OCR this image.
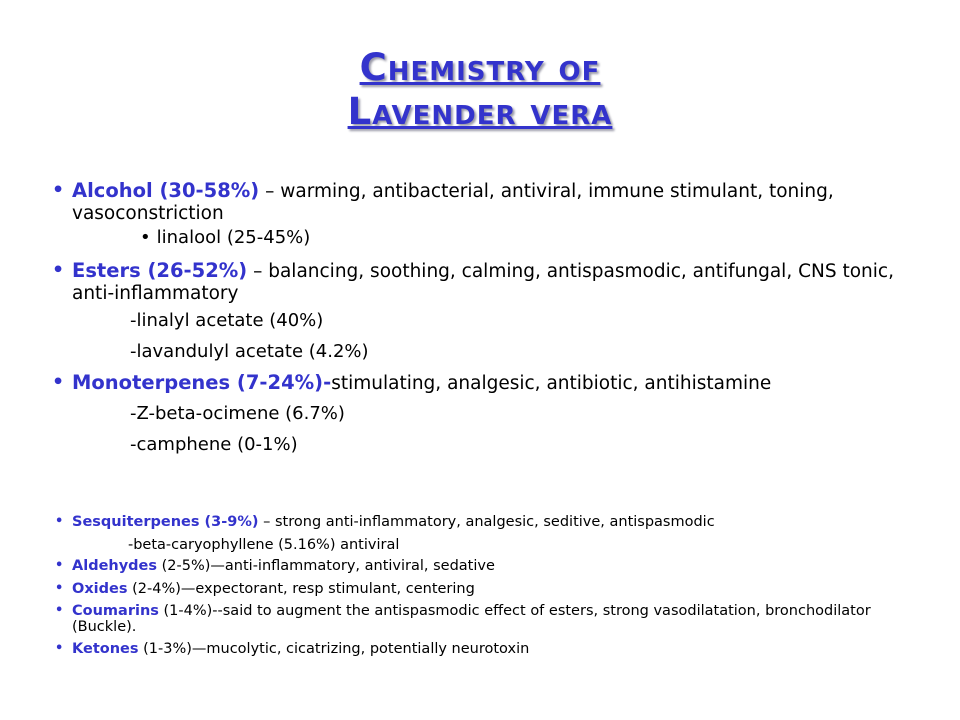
Chemistry of
Lavender vera
• Alcohol (30-58%) – warming, antibacterial, antiviral, immune stimulant, toning, vasoconstriction
• linalool (25-45%)
• Esters (26-52%) – balancing, soothing, calming, antispasmodic, antifungal, CNS tonic, anti-inflammatory
-linalyl acetate (40%)
-lavandulyl acetate (4.2%)
• Monoterpenes (7-24%)-stimulating, analgesic, antibiotic, antihistamine
-Z-beta-ocimene (6.7%)
-camphene (0-1%)
• Sesquiterpenes (3-9%) – strong anti-inflammatory, analgesic, seditive, antispasmodic
-beta-caryophyllene (5.16%) antiviral
• Aldehydes (2-5%)—anti-inflammatory, antiviral, sedative
• Oxides (2-4%)—expectorant, resp stimulant, centering
• Coumarins (1-4%)--said to augment the antispasmodic effect of esters, strong vasodilatation, bronchodilator (Buckle).
• Ketones (1-3%)—mucolytic, cicatrizing, potentially neurotoxin
